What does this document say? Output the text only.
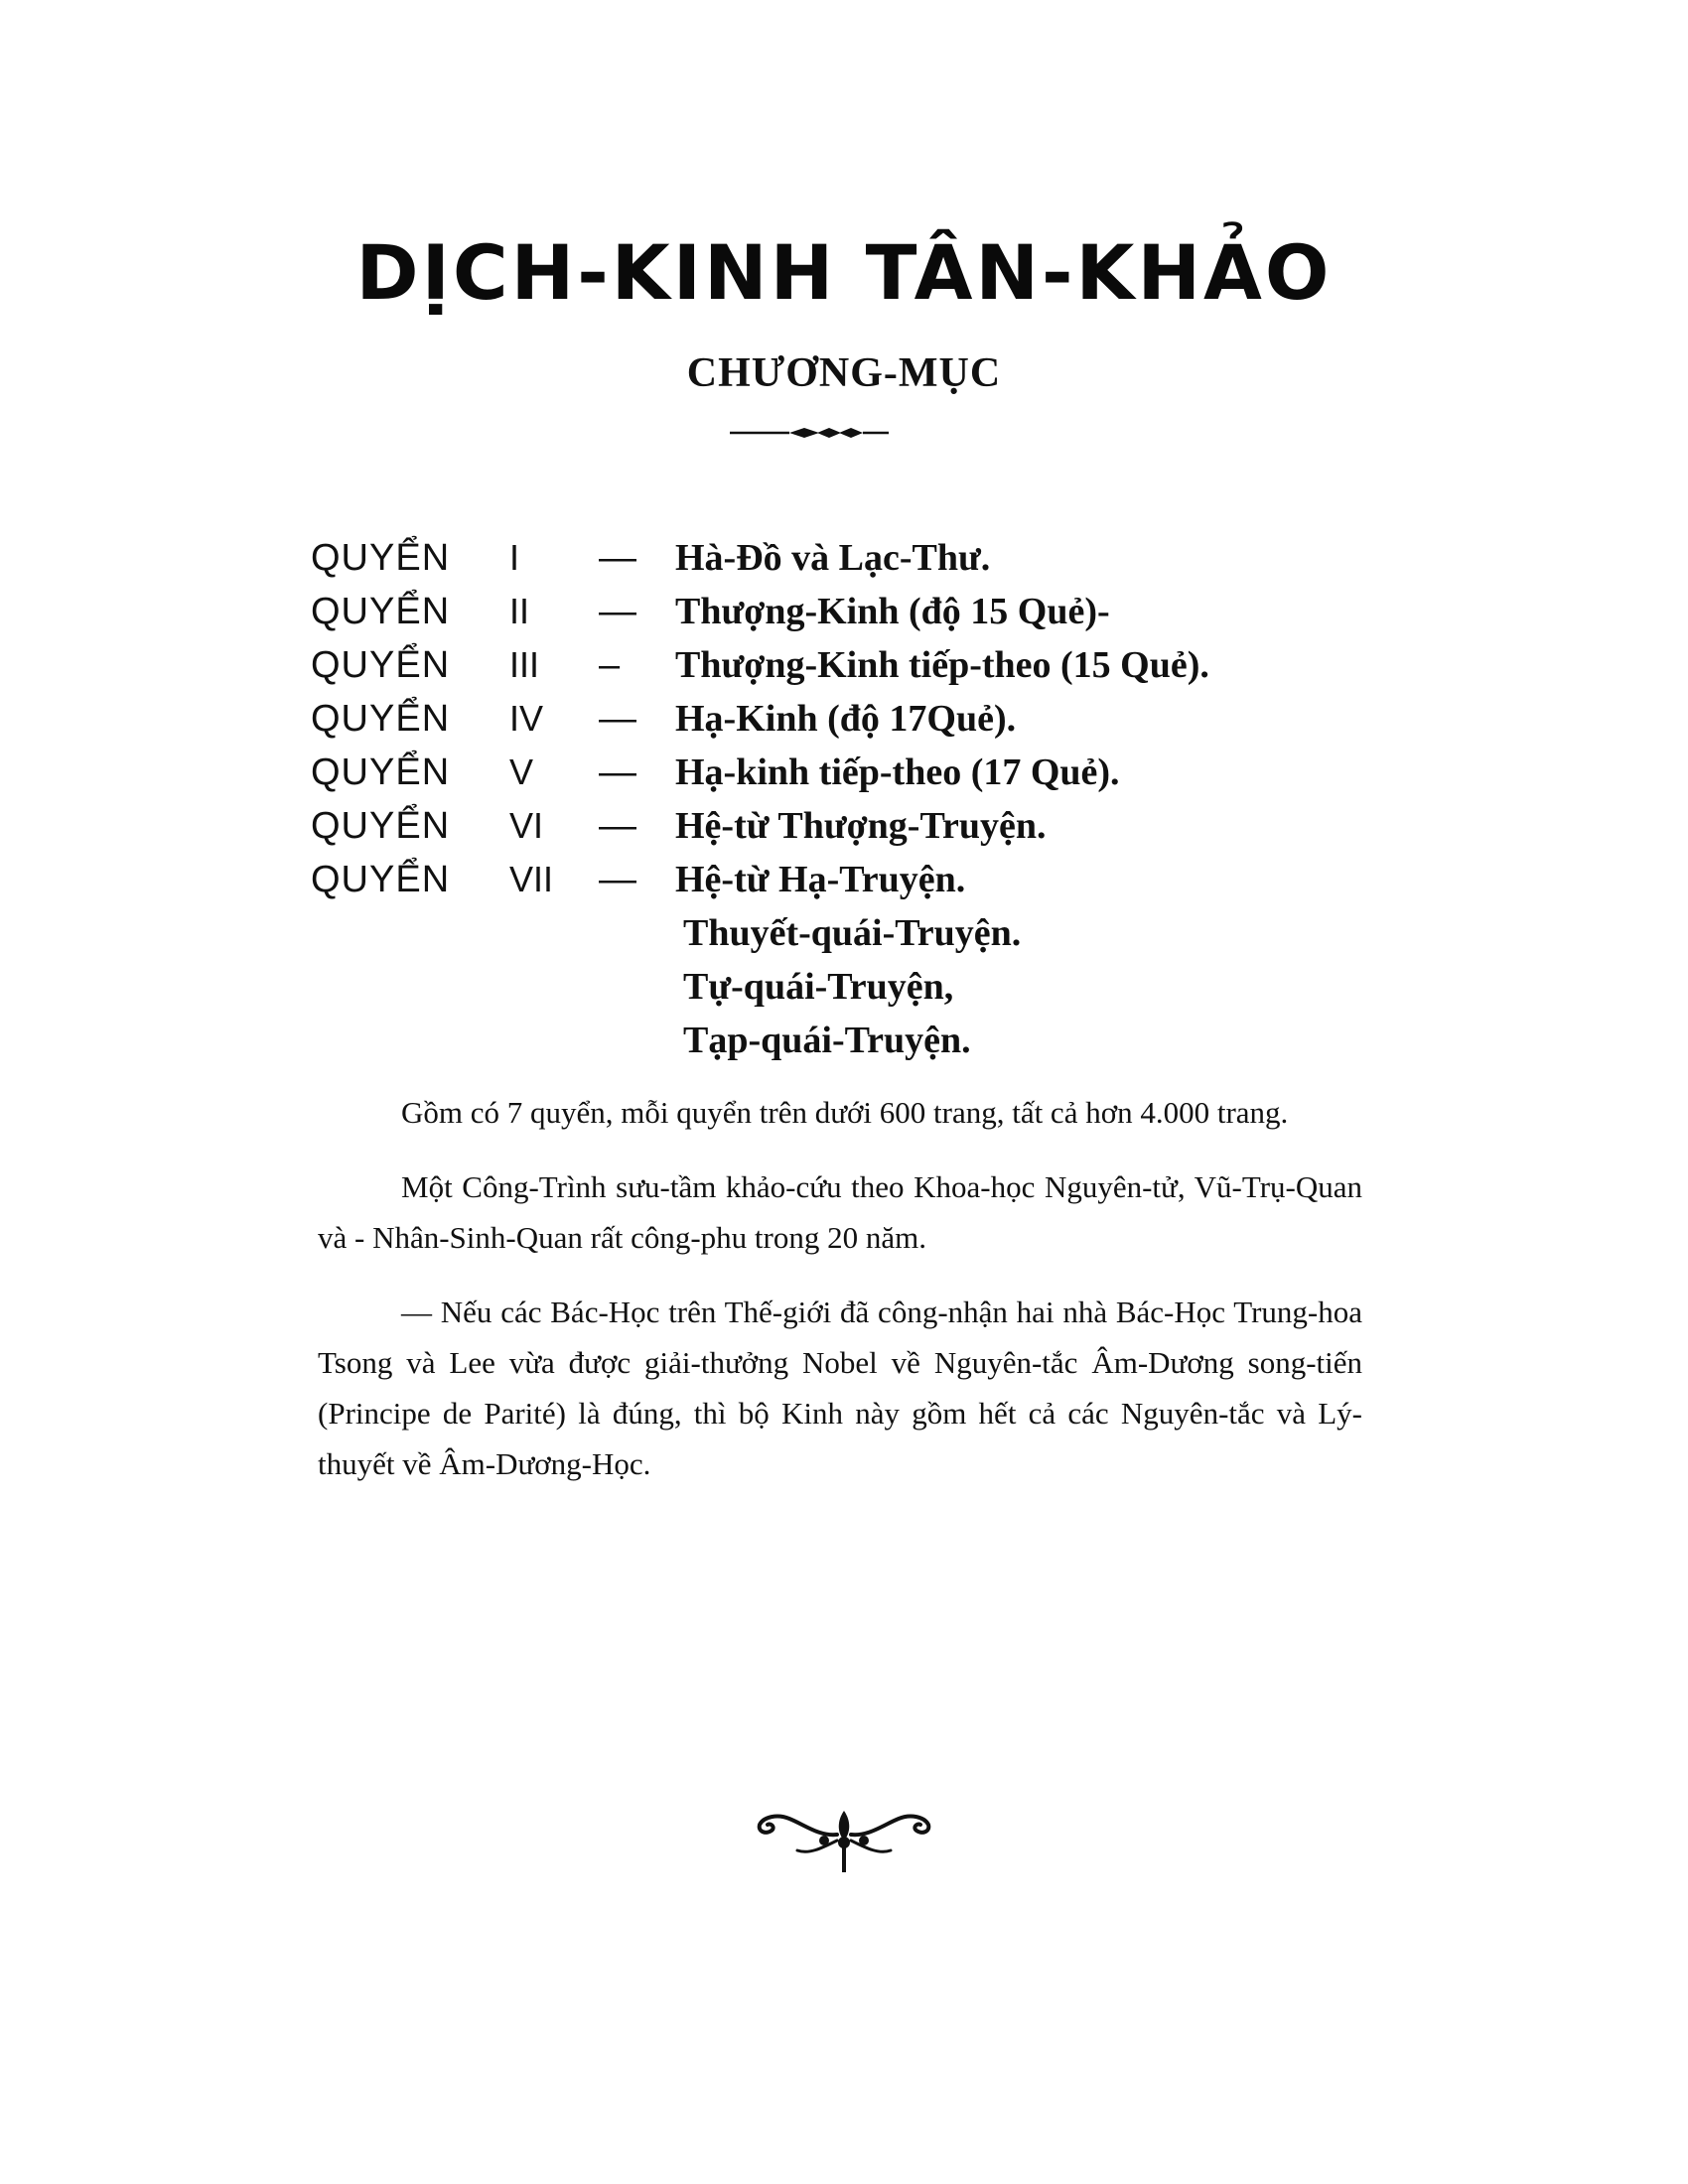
DỊCH-KINH TÂN-KHẢO
CHƯƠNG-MỤC
QUYỂN I — Hà-Đồ và Lạc-Thư.
QUYỂN II — Thượng-Kinh (độ 15 Quẻ)-
QUYỂN III – Thượng-Kinh tiếp-theo (15 Quẻ).
QUYỂN IV — Hạ-Kinh (độ 17Quẻ).
QUYỂN V — Hạ-kinh tiếp-theo (17 Quẻ).
QUYỂN VI — Hệ-từ Thượng-Truyện.
QUYỂN VII — Hệ-từ Hạ-Truyện.
Thuyết-quái-Truyện.
Tự-quái-Truyện,
Tạp-quái-Truyện.

Gồm có 7 quyển, mỗi quyển trên dưới 600 trang, tất cả hơn 4.000 trang.

Một Công-Trình sưu-tầm khảo-cứu theo Khoa-học Nguyên-tử, Vũ-Trụ-Quan và - Nhân-Sinh-Quan rất công-phu trong 20 năm.

— Nếu các Bác-Học trên Thế-giới đã công-nhận hai nhà Bác-Học Trung-hoa Tsong và Lee vừa được giải-thưởng Nobel về Nguyên-tắc Âm-Dương song-tiến (Principe de Parité) là đúng, thì bộ Kinh này gồm hết cả các Nguyên-tắc và Lý-thuyết về Âm-Dương-Học.
